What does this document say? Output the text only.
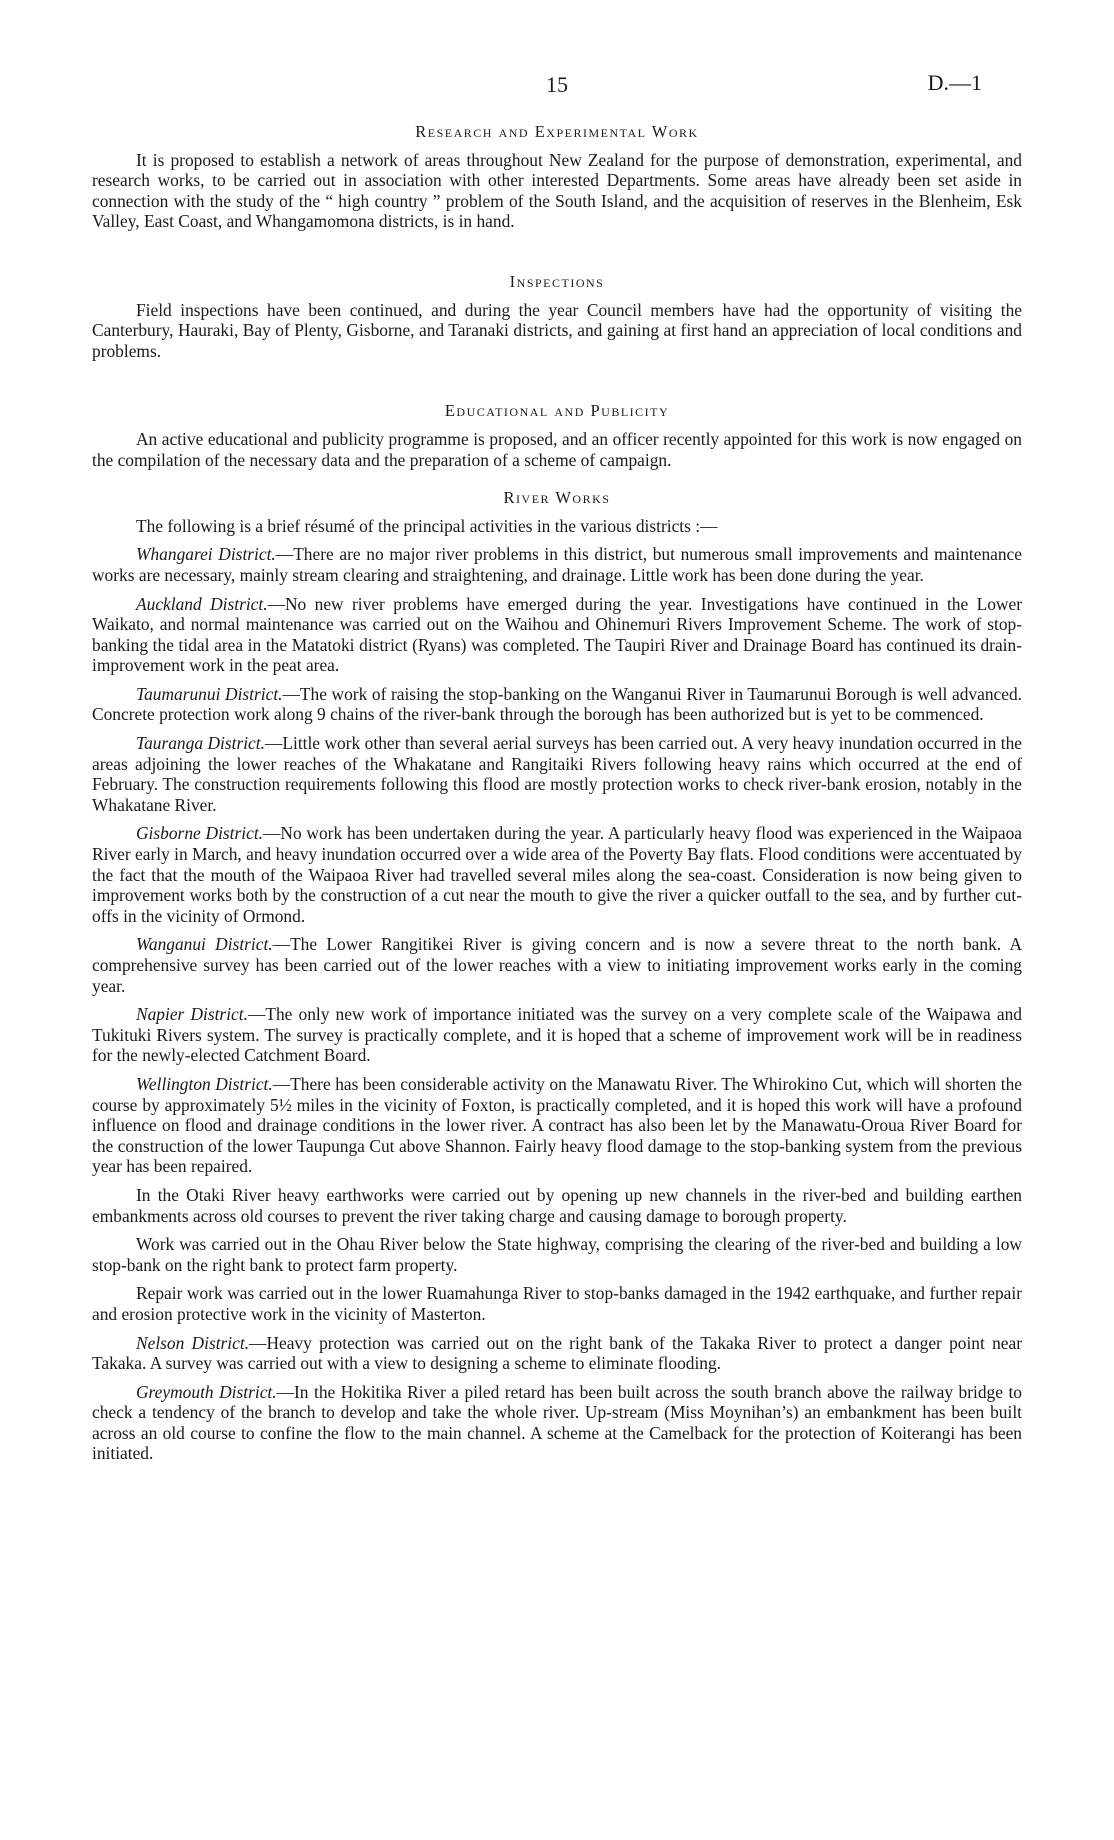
15	D.—1
Research and Experimental Work

It is proposed to establish a network of areas throughout New Zealand for the purpose of demonstration, experimental, and research works, to be carried out in association with other interested Departments. Some areas have already been set aside in connection with the study of the “ high country ” problem of the South Island, and the acquisition of reserves in the Blenheim, Esk Valley, East Coast, and Whangamomona districts, is in hand.

Inspections

Field inspections have been continued, and during the year Council members have had the opportunity of visiting the Canterbury, Hauraki, Bay of Plenty, Gisborne, and Taranaki districts, and gaining at first hand an appreciation of local conditions and problems.

Educational and Publicity

An active educational and publicity programme is proposed, and an officer recently appointed for this work is now engaged on the compilation of the necessary data and the preparation of a scheme of campaign.

River Works

The following is a brief résumé of the principal activities in the various districts :—

Whangarei District.—There are no major river problems in this district, but numerous small improvements and maintenance works are necessary, mainly stream clearing and straightening, and drainage. Little work has been done during the year.

Auckland District.—No new river problems have emerged during the year. Investigations have continued in the Lower Waikato, and normal maintenance was carried out on the Waihou and Ohinemuri Rivers Improvement Scheme. The work of stop-banking the tidal area in the Matatoki district (Ryans) was completed. The Taupiri River and Drainage Board has continued its drain-improvement work in the peat area.

Taumarunui District.—The work of raising the stop-banking on the Wanganui River in Taumarunui Borough is well advanced. Concrete protection work along 9 chains of the river-bank through the borough has been authorized but is yet to be commenced.

Tauranga District.—Little work other than several aerial surveys has been carried out. A very heavy inundation occurred in the areas adjoining the lower reaches of the Whakatane and Rangitaiki Rivers following heavy rains which occurred at the end of February. The construction requirements following this flood are mostly protection works to check river-bank erosion, notably in the Whakatane River.

Gisborne District.—No work has been undertaken during the year. A particularly heavy flood was experienced in the Waipaoa River early in March, and heavy inundation occurred over a wide area of the Poverty Bay flats. Flood conditions were accentuated by the fact that the mouth of the Waipaoa River had travelled several miles along the sea-coast. Consideration is now being given to improvement works both by the construction of a cut near the mouth to give the river a quicker outfall to the sea, and by further cut-offs in the vicinity of Ormond.

Wanganui District.—The Lower Rangitikei River is giving concern and is now a severe threat to the north bank. A comprehensive survey has been carried out of the lower reaches with a view to initiating improvement works early in the coming year.

Napier District.—The only new work of importance initiated was the survey on a very complete scale of the Waipawa and Tukituki Rivers system. The survey is practically complete, and it is hoped that a scheme of improvement work will be in readiness for the newly-elected Catchment Board.

Wellington District.—There has been considerable activity on the Manawatu River. The Whirokino Cut, which will shorten the course by approximately 5½ miles in the vicinity of Foxton, is practically completed, and it is hoped this work will have a profound influence on flood and drainage conditions in the lower river. A contract has also been let by the Manawatu-Oroua River Board for the construction of the lower Taupunga Cut above Shannon. Fairly heavy flood damage to the stop-banking system from the previous year has been repaired.

In the Otaki River heavy earthworks were carried out by opening up new channels in the river-bed and building earthen embankments across old courses to prevent the river taking charge and causing damage to borough property.

Work was carried out in the Ohau River below the State highway, comprising the clearing of the river-bed and building a low stop-bank on the right bank to protect farm property.

Repair work was carried out in the lower Ruamahunga River to stop-banks damaged in the 1942 earthquake, and further repair and erosion protective work in the vicinity of Masterton.

Nelson District.—Heavy protection was carried out on the right bank of the Takaka River to protect a danger point near Takaka. A survey was carried out with a view to designing a scheme to eliminate flooding.

Greymouth District.—In the Hokitika River a piled retard has been built across the south branch above the railway bridge to check a tendency of the branch to develop and take the whole river. Up-stream (Miss Moynihan’s) an embankment has been built across an old course to confine the flow to the main channel. A scheme at the Camelback for the protection of Koiterangi has been initiated.
